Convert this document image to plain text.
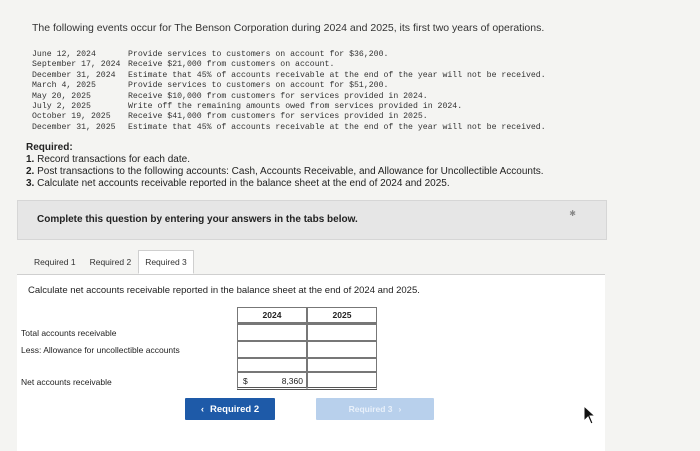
The following events occur for The Benson Corporation during 2024 and 2025, its first two years of operations.
June 12, 2024	Provide services to customers on account for $36,200.
September 17, 2024 Receive $21,000 from customers on account.
December 31, 2024	Estimate that 45% of accounts receivable at the end of the year will not be received.
March 4, 2025	Provide services to customers on account for $51,200.
May 20, 2025	Receive $10,000 from customers for services provided in 2024.
July 2, 2025	Write off the remaining amounts owed from services provided in 2024.
October 19, 2025	Receive $41,000 from customers for services provided in 2025.
December 31, 2025	Estimate that 45% of accounts receivable at the end of the year will not be received.
Required:
1. Record transactions for each date.
2. Post transactions to the following accounts: Cash, Accounts Receivable, and Allowance for Uncollectible Accounts.
3. Calculate net accounts receivable reported in the balance sheet at the end of 2024 and 2025.
Complete this question by entering your answers in the tabs below.
✱
Required 1	Required 2	Required 3
Calculate net accounts receivable reported in the balance sheet at the end of 2024 and 2025.
2024	2025
Total accounts receivable
Less: Allowance for uncollectible accounts
Net accounts receivable	$	8,360
‹ Required 2	Required 3 ›
